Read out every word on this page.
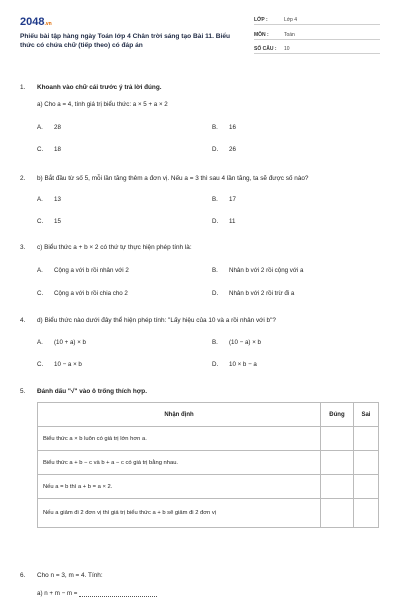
2048.vn
Phiếu bài tập hàng ngày Toán lớp 4 Chân trời sáng tạo Bài 11. Biểu thức có chứa chữ (tiếp theo) có đáp án
LỚP :	Lớp 4
MÔN :	Toán
SỐ CÂU : 10
1. Khoanh vào chữ cái trước ý trả lời đúng.
a) Cho a = 4, tính giá trị biểu thức: a × 5 + a × 2
A. 28	B. 16
C. 18	D. 26
2. b) Bắt đầu từ số 5, mỗi lần tăng thêm a đơn vị. Nếu a = 3 thì sau 4 lần tăng, ta sẽ được số nào?
A. 13	B. 17
C. 15	D. 11
3. c) Biểu thức a + b × 2 có thứ tự thực hiện phép tính là:
A. Cộng a với b rồi nhân với 2	B. Nhân b với 2 rồi cộng với a
C. Cộng a với b rồi chia cho 2	D. Nhân b với 2 rồi trừ đi a
4. d) Biểu thức nào dưới đây thể hiện phép tính: "Lấy hiệu của 10 và a rồi nhân với b"?
A. (10 + a) × b	B. (10 − a) × b
C. 10 − a × b	D. 10 × b − a
5. Đánh dấu "√" vào ô trống thích hợp.
Nhận định	Đúng	Sai
Biểu thức a × b luôn có giá trị lớn hơn a.		
Biểu thức a + b − c và b + a − c có giá trị bằng nhau.		
Nếu a = b thì a + b = a × 2.		
Nếu a giảm đi 2 đơn vị thì giá trị biểu thức a + b sẽ giảm đi 2 đơn vị		
6. Cho n = 3, m = 4. Tính:
a) n + m − m =
